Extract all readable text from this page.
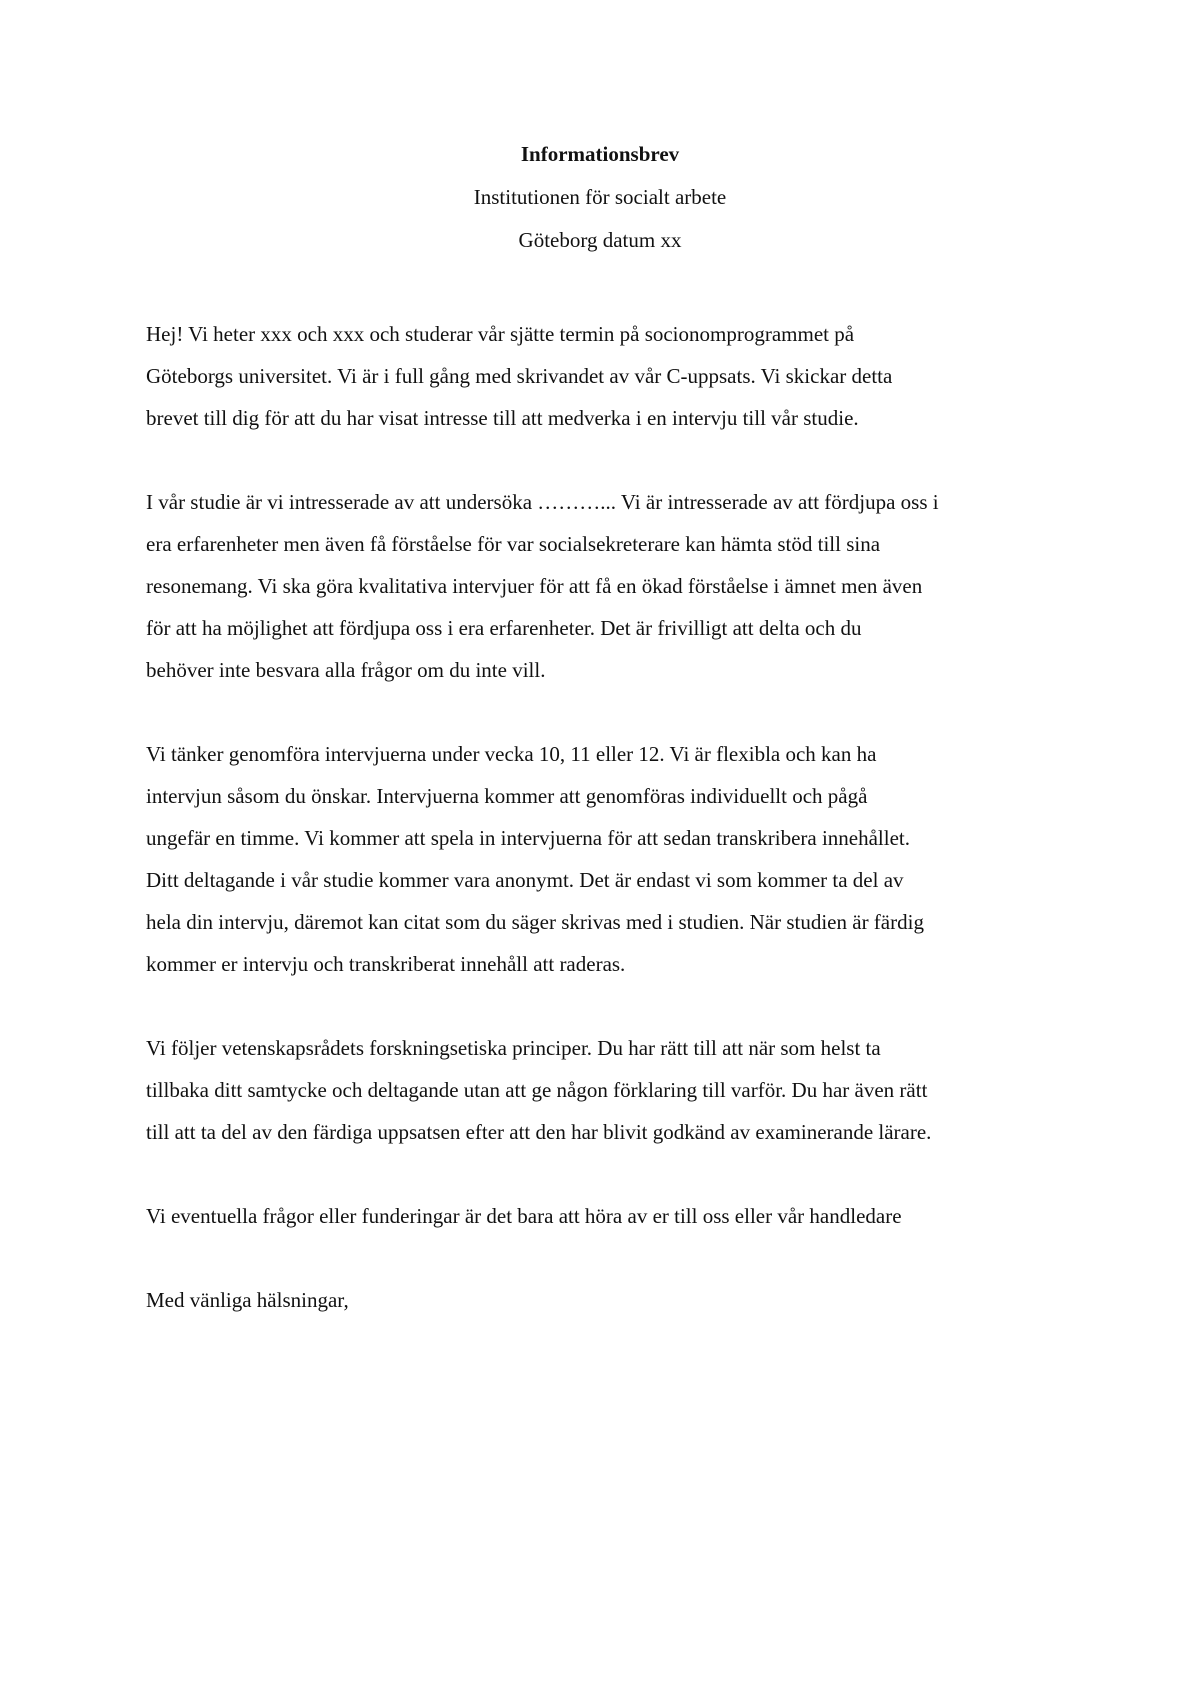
Informationsbrev

Institutionen för socialt arbete

Göteborg datum xx

Hej! Vi heter xxx och xxx och studerar vår sjätte termin på socionomprogrammet på
Göteborgs universitet. Vi är i full gång med skrivandet av vår C-uppsats. Vi skickar detta
brevet till dig för att du har visat intresse till att medverka i en intervju till vår studie.
I vår studie är vi intresserade av att undersöka ………... Vi är intresserade av att fördjupa oss i
era erfarenheter men även få förståelse för var socialsekreterare kan hämta stöd till sina
resonemang. Vi ska göra kvalitativa intervjuer för att få en ökad förståelse i ämnet men även
för att ha möjlighet att fördjupa oss i era erfarenheter. Det är frivilligt att delta och du
behöver inte besvara alla frågor om du inte vill.
Vi tänker genomföra intervjuerna under vecka 10, 11 eller 12. Vi är flexibla och kan ha
intervjun såsom du önskar. Intervjuerna kommer att genomföras individuellt och pågå
ungefär en timme. Vi kommer att spela in intervjuerna för att sedan transkribera innehållet.
Ditt deltagande i vår studie kommer vara anonymt. Det är endast vi som kommer ta del av
hela din intervju, däremot kan citat som du säger skrivas med i studien. När studien är färdig
kommer er intervju och transkriberat innehåll att raderas.
Vi följer vetenskapsrådets forskningsetiska principer. Du har rätt till att när som helst ta
tillbaka ditt samtycke och deltagande utan att ge någon förklaring till varför. Du har även rätt
till att ta del av den färdiga uppsatsen efter att den har blivit godkänd av examinerande lärare.
Vi eventuella frågor eller funderingar är det bara att höra av er till oss eller vår handledare
Med vänliga hälsningar,
